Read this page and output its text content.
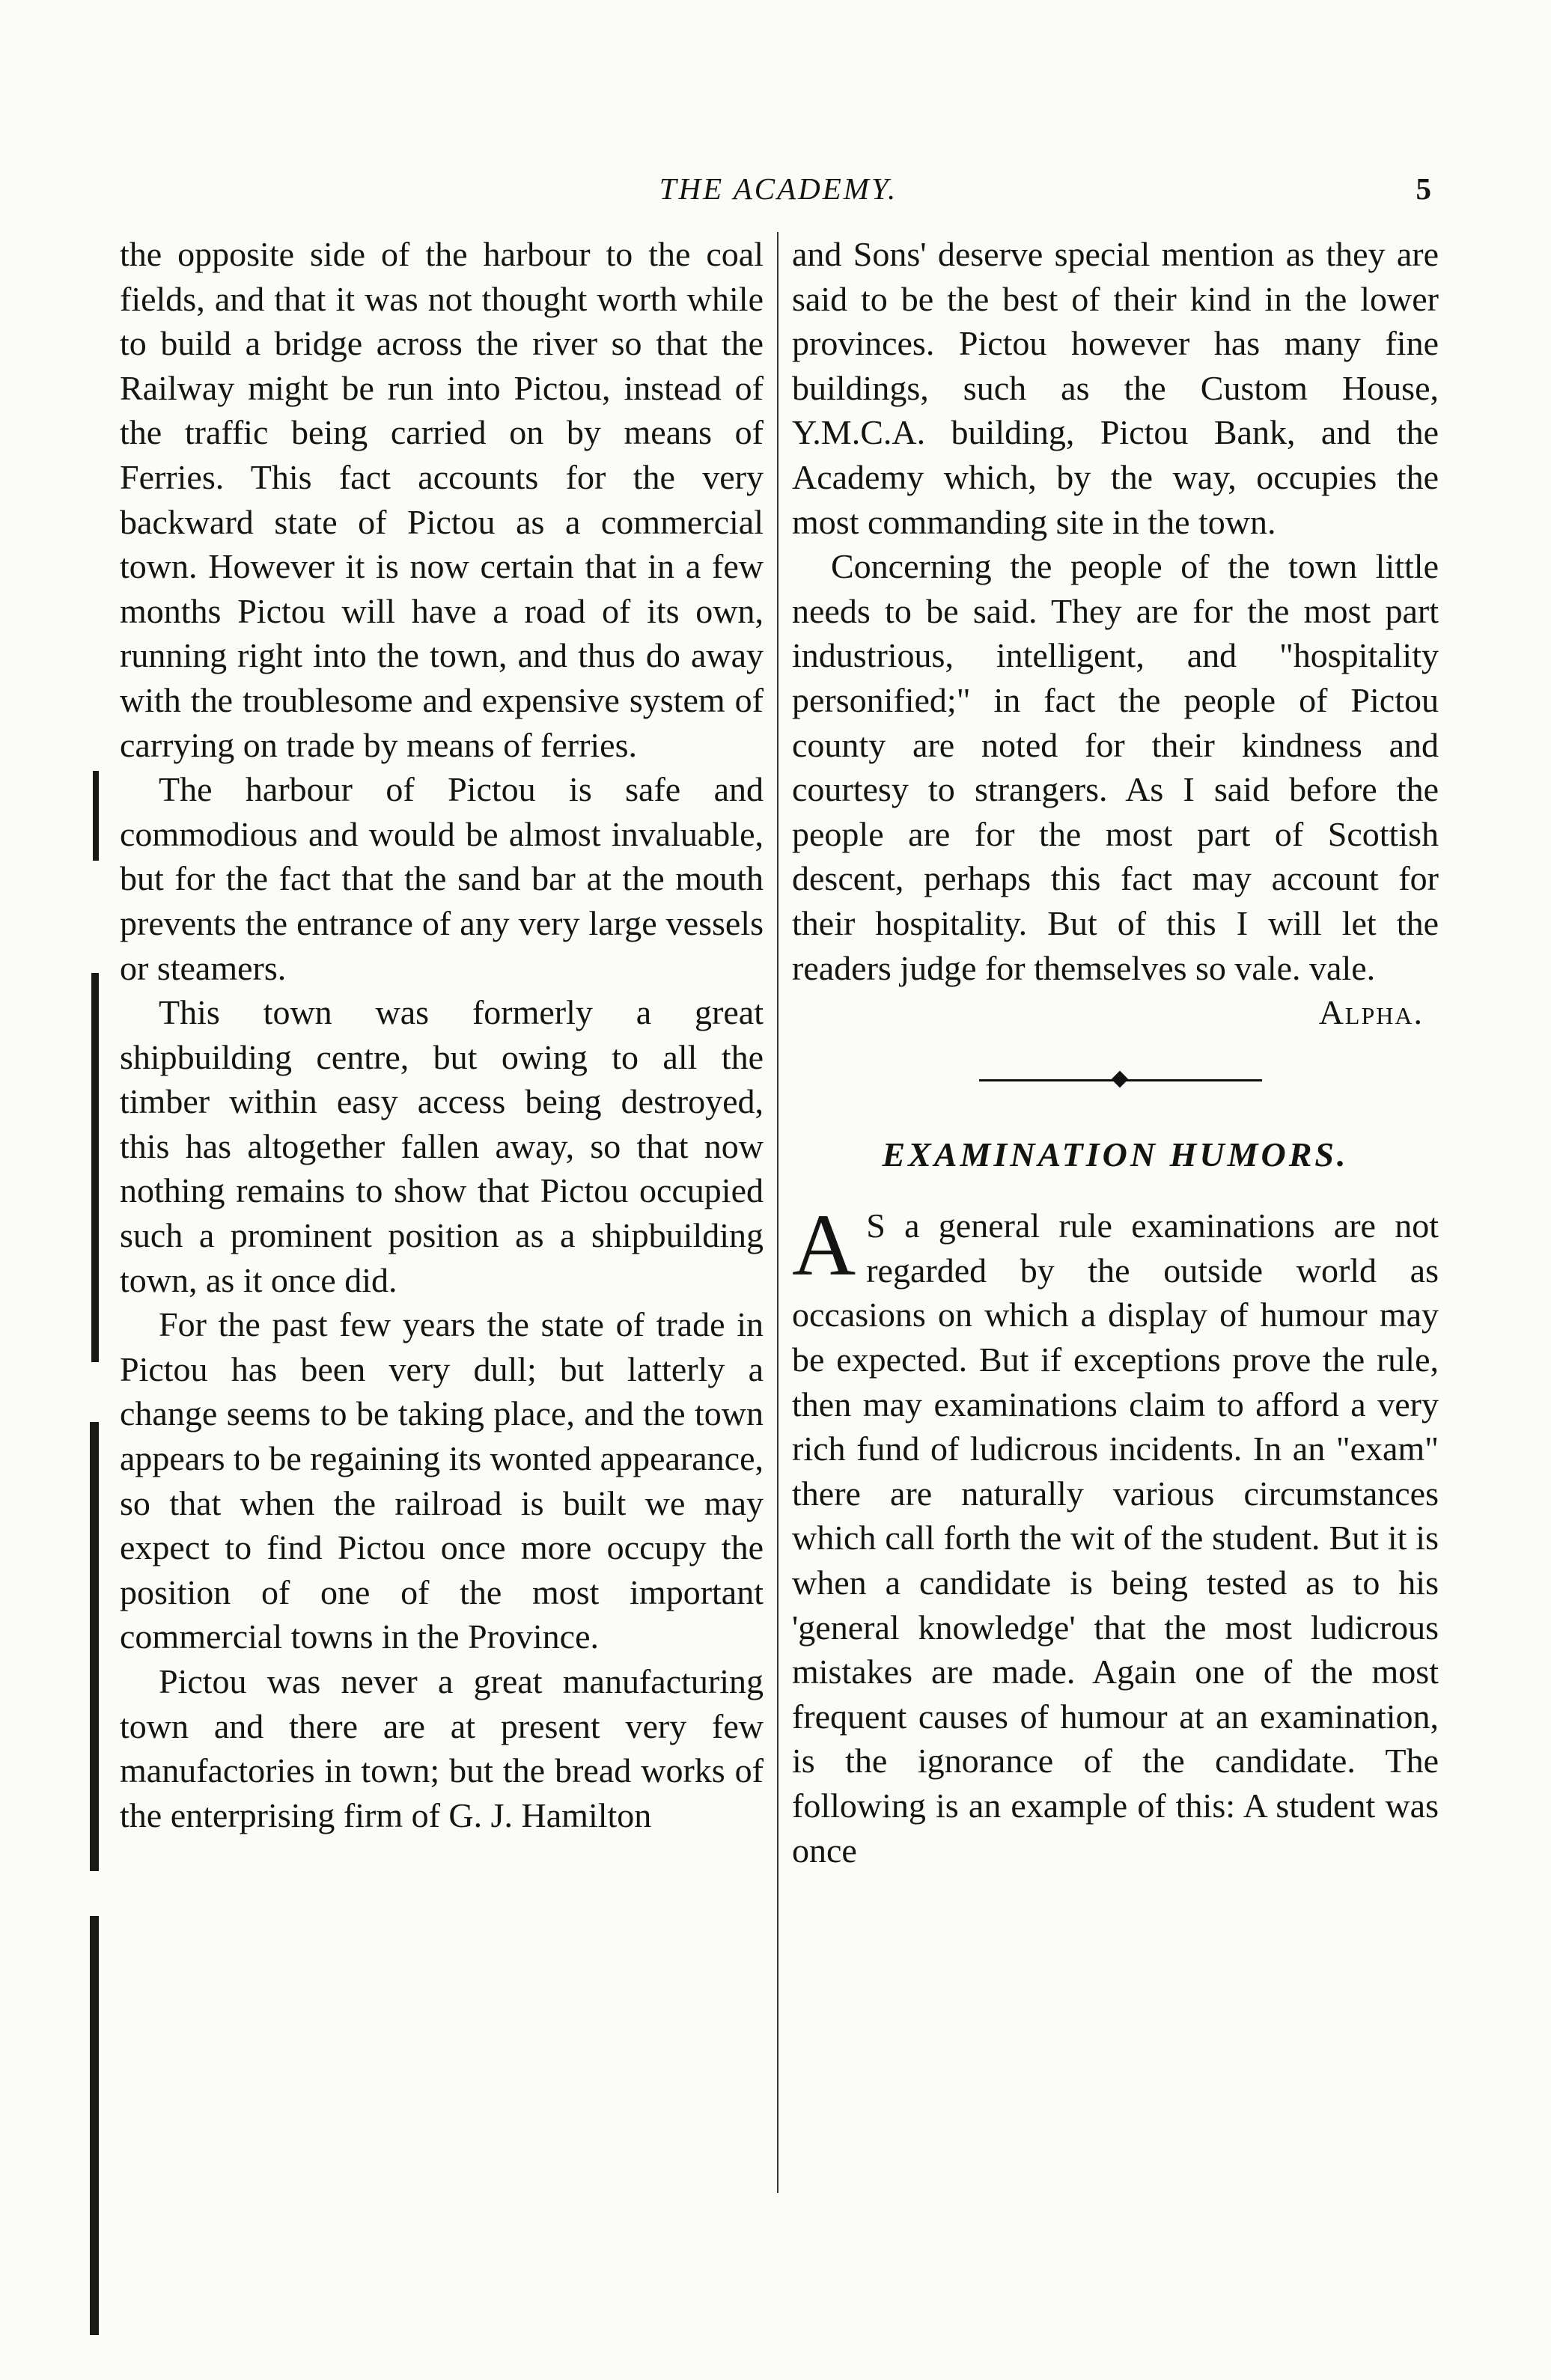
THE ACADEMY.	5

the opposite side of the harbour to the coal fields, and that it was not thought worth while to build a bridge across the river so that the Railway might be run into Pictou, instead of the traffic being carried on by means of Ferries. This fact accounts for the very backward state of Pictou as a commercial town. However it is now certain that in a few months Pictou will have a road of its own, running right into the town, and thus do away with the troublesome and expensive system of carrying on trade by means of ferries.

The harbour of Pictou is safe and commodious and would be almost invaluable, but for the fact that the sand bar at the mouth prevents the entrance of any very large vessels or steamers.

This town was formerly a great shipbuilding centre, but owing to all the timber within easy access being destroyed, this has altogether fallen away, so that now nothing remains to show that Pictou occupied such a prominent position as a shipbuilding town, as it once did.

For the past few years the state of trade in Pictou has been very dull; but latterly a change seems to be taking place, and the town appears to be regaining its wonted appearance, so that when the railroad is built we may expect to find Pictou once more occupy the position of one of the most important commercial towns in the Province.

Pictou was never a great manufacturing town and there are at present very few manufactories in town; but the bread works of the enterprising firm of G. J. Hamilton

and Sons' deserve special mention as they are said to be the best of their kind in the lower provinces. Pictou however has many fine buildings, such as the Custom House, Y.M.C.A. building, Pictou Bank, and the Academy which, by the way, occupies the most commanding site in the town.

Concerning the people of the town little needs to be said. They are for the most part industrious, intelligent, and "hospitality personified;" in fact the people of Pictou county are noted for their kindness and courtesy to strangers. As I said before the people are for the most part of Scottish descent, perhaps this fact may account for their hospitality. But of this I will let the readers judge for themselves so vale. vale.

Alpha.

EXAMINATION HUMORS.

A S a general rule examinations are not regarded by the outside world as occasions on which a display of humour may be expected. But if exceptions prove the rule, then may examinations claim to afford a very rich fund of ludicrous incidents. In an "exam" there are naturally various circumstances which call forth the wit of the student. But it is when a candidate is being tested as to his 'general knowledge' that the most ludicrous mistakes are made. Again one of the most frequent causes of humour at an examination, is the ignorance of the candidate. The following is an example of this: A student was once
